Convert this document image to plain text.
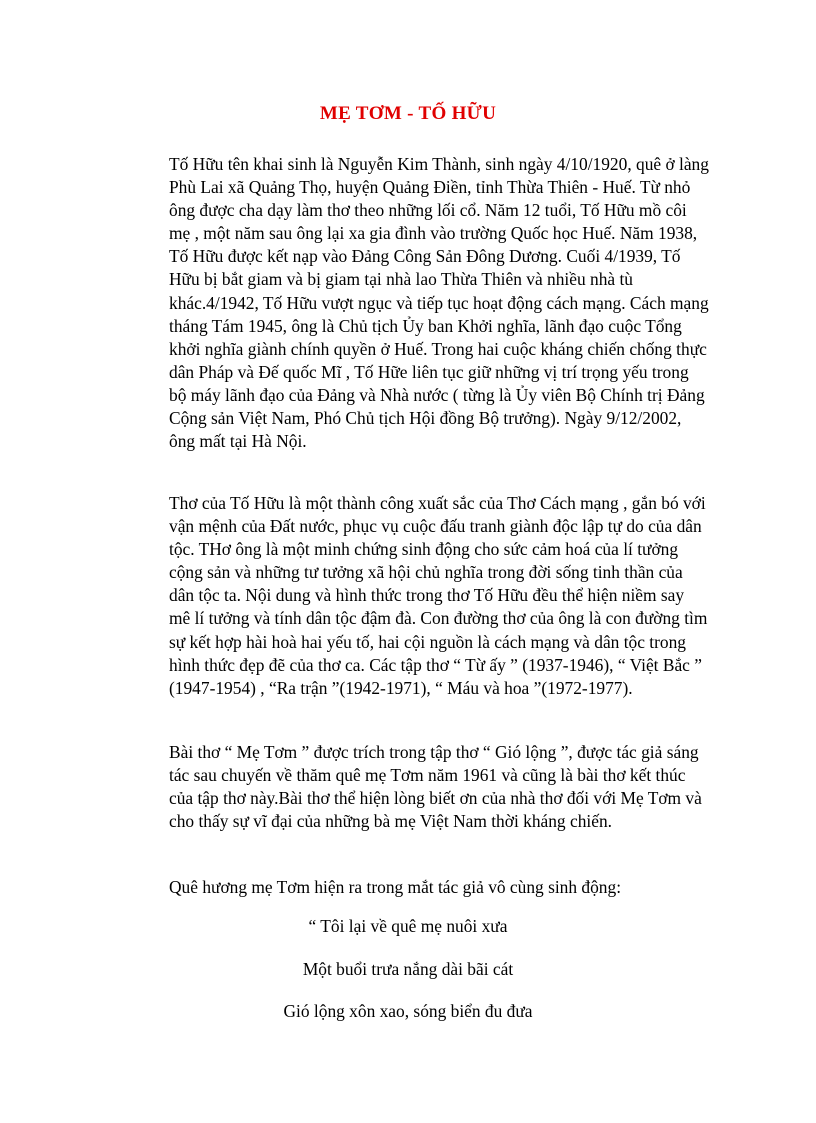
MẸ TƠM - TỐ HỮU

Tố Hữu tên khai sinh là Nguyễn Kim Thành, sinh ngày 4/10/1920, quê ở làng Phù Lai xã Quảng Thọ, huyện Quảng Điền, tỉnh Thừa Thiên - Huế. Từ nhỏ ông được cha dạy làm thơ theo những lối cổ. Năm 12 tuổi, Tố Hữu mồ côi mẹ , một năm sau ông lại xa gia đình vào trường Quốc học Huế. Năm 1938, Tố Hữu được kết nạp vào Đảng Công Sản Đông Dương. Cuối 4/1939, Tố Hữu bị bắt giam và bị giam tại nhà lao Thừa Thiên và nhiều nhà tù khác.4/1942, Tố Hữu vượt ngục và tiếp tục hoạt động cách mạng. Cách mạng tháng Tám 1945, ông là Chủ tịch Ủy ban Khởi nghĩa, lãnh đạo cuộc Tổng khởi nghĩa giành chính quyền ở Huế. Trong hai cuộc kháng chiến chống thực dân Pháp và Đế quốc Mĩ , Tố Hữe liên tục giữ những vị trí trọng yếu trong bộ máy lãnh đạo của Đảng và Nhà nước ( từng là Ủy viên Bộ Chính trị Đảng Cộng sản Việt Nam, Phó Chủ tịch Hội đồng Bộ trưởng). Ngày 9/12/2002, ông mất tại Hà Nội.

Thơ của Tố Hữu là một thành công xuất sắc của Thơ Cách mạng , gắn bó với vận mệnh của Đất nước, phục vụ cuộc đấu tranh giành độc lập tự do của dân tộc. THơ ông là một minh chứng sinh động cho sức cảm hoá của lí tưởng cộng sản và những tư tưởng xã hội chủ nghĩa trong đời sống tinh thần của dân tộc ta. Nội dung và hình thức trong thơ Tố Hữu đều thể hiện niềm say mê lí tưởng và tính dân tộc đậm đà. Con đường thơ của ông là con đường tìm sự kết hợp hài hoà hai yếu tố, hai cội nguồn là cách mạng và dân tộc trong hình thức đẹp đẽ của thơ ca. Các tập thơ “ Từ ấy ” (1937-1946), “ Việt Bắc ” (1947-1954) , “Ra trận ”(1942-1971), “ Máu và hoa ”(1972-1977).

Bài thơ “ Mẹ Tơm ” được trích trong tập thơ “ Gió lộng ”, được tác giả sáng tác sau chuyến về thăm quê mẹ Tơm năm 1961 và cũng là bài thơ kết thúc của tập thơ này.Bài thơ thể hiện lòng biết ơn của nhà thơ đối với Mẹ Tơm và cho thấy sự vĩ đại của những bà mẹ Việt Nam thời kháng chiến.

Quê hương mẹ Tơm hiện ra trong mắt tác giả vô cùng sinh động:

“ Tôi lại về quê mẹ nuôi xưa
Một buổi trưa nắng dài bãi cát
Gió lộng xôn xao, sóng biển đu đưa
